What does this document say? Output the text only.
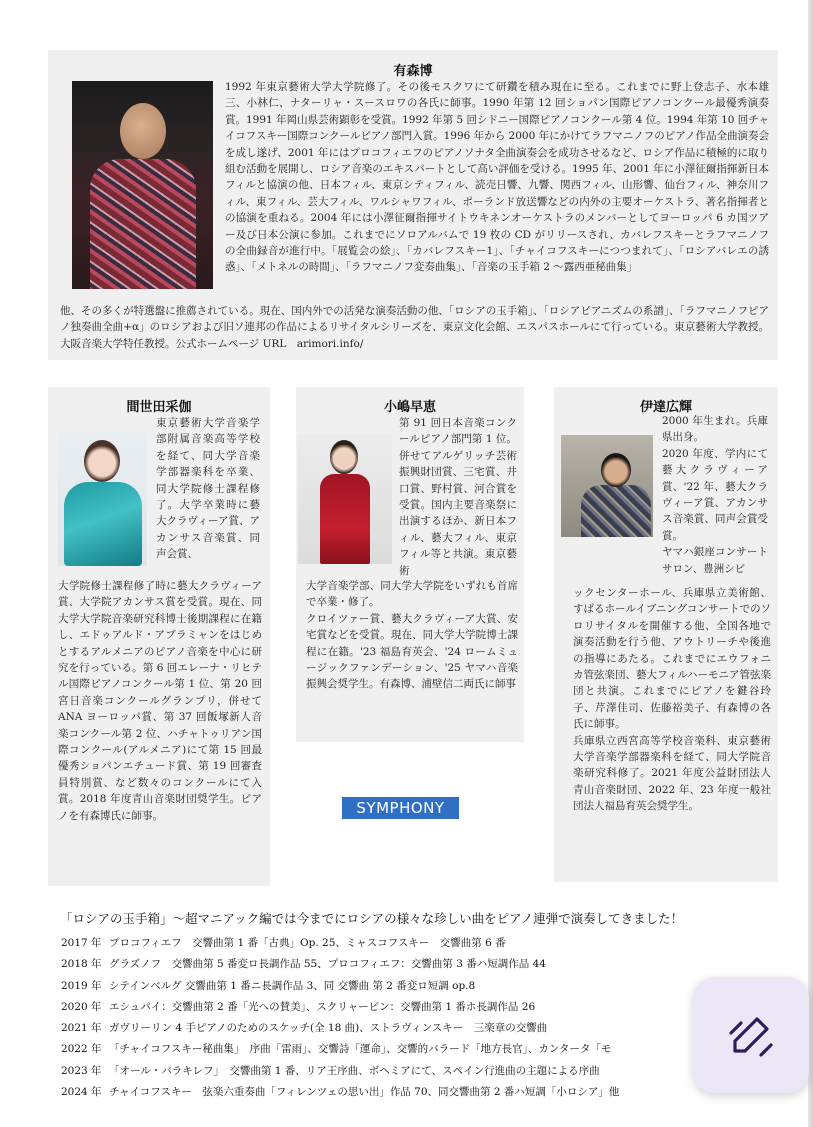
有森博
1992 年東京藝術大学大学院修了。その後モスクワにて研鑽を積み現在に至る。これまでに野上登志子、水本雄三、小林仁、ナターリャ・スースロワの各氏に師事。1990 年第 12 回ショパン国際ピアノコンクール最優秀演奏賞。1991 年岡山県芸術顕彰を受賞。1992 年第 5 回シドニー国際ピアノコンクール第 4 位。1994 年第 10 回チャイコフスキー国際コンクールピアノ部門入賞。1996 年から 2000 年にかけてラフマニノフのピアノ作品全曲演奏会を成し遂げ、2001 年にはプロコフィエフのピアノソナタ全曲演奏会を成功させるなど、ロシア作品に積極的に取り組む活動を展開し、ロシア音楽のエキスパートとして高い評価を受ける。1995 年、2001 年に小澤征爾指揮新日本フィルと協演の他、日本フィル、東京シティフィル、読売日響、九響、関西フィル、山形響、仙台フィル、神奈川フィル、東フィル、芸大フィル、ワルシャワフィル、ポーランド放送響などの内外の主要オーケストラ、著名指揮者との協演を重ねる。2004 年には小澤征爾指揮サイトウキネンオーケストラのメンバーとしてヨーロッパ 6 カ国ツアー及び日本公演に参加。これまでにソロアルバムで 19 枚の CD がリリースされ、カバレフスキーとラフマニノフの全曲録音が進行中。「展覧会の絵」、「カバレフスキー1」、「チャイコフスキーにつつまれて」、「ロシアバレエの誘惑」、「メトネルの時間」、「ラフマニノフ変奏曲集」、「音楽の玉手箱 2 〜露西亜秘曲集」
他、その多くが特選盤に推薦されている。現在、国内外での活発な演奏活動の他、「ロシアの玉手箱」、「ロシアピアニズムの系譜」、「ラフマニノフピアノ独奏曲全曲+α」のロシアおよび旧ソ連邦の作品によるリサイタルシリーズを、東京文化会館、エスパスホールにて行っている。東京藝術大学教授。大阪音楽大学特任教授。公式ホームページ URL　arimori.info/
間世田采伽
東京藝術大学音楽学部附属音楽高等学校を経て、同大学音楽学部器楽科を卒業、同大学院修士課程修了。大学卒業時に藝大クラヴィーア賞、アカンサス音楽賞、同声会賞、
大学院修士課程修了時に藝大クラヴィーア賞、大学院アカンサス賞を受賞。現在、同大学大学院音楽研究科博士後期課程に在籍し、エドゥアルド・アブラミャンをはじめとするアルメニアのピアノ音楽を中心に研究を行っている。第 6 回エレーナ・リヒテル国際ピアノコンクール第 1 位、第 20 回宮日音楽コンクールグランプリ，併せて ANA ヨーロッパ賞、第 37 回飯塚新人音楽コンクール第 2 位、ハチャトゥリアン国際コンクール(アルメニア)にて第 15 回最優秀ショパンエチュード賞、第 19 回審査員特別賞、など数々のコンクールにて入賞。2018 年度青山音楽財団奨学生。ピアノを有森博氏に師事。
小嶋早恵
第 91 回日本音楽コンクールピアノ部門第 1 位。併せてアルゲリッチ芸術振興財団賞、三宅賞、井口賞、野村賞、河合賞を受賞。国内主要音楽祭に出演するほか、新日本フィル、藝大フィル、東京フィル等と共演。東京藝術
大学音楽学部、同大学大学院をいずれも首席で卒業・修了。
クロイツァー賞、藝大クラヴィーア大賞、安宅賞などを受賞。現在、同大学大学院博士課程に在籍。'23 福島育英会、'24 ロームミュージックファンデーション、'25 ヤマハ音楽振興会奨学生。有森博、浦壁信二両氏に師事
伊達広輝
2000 年生まれ。兵庫県出身。
2020 年度、学内にて藝大クラヴィーア賞、'22 年、藝大クラヴィーア賞、アカンサス音楽賞、同声会賞受賞。
ヤマハ銀座コンサートサロン、豊洲シビ
ックセンターホール、兵庫県立美術館、すばるホールイブニングコンサートでのソロリサイタルを開催する他、全国各地で演奏活動を行う他、アウトリーチや後進の指導にあたる。これまでにエウフォニカ管弦楽団、藝大フィルハーモニア管弦楽団と共演。これまでにピアノを鍵谷玲子、芹澤佳司、佐藤裕美子、有森博の各氏に師事。
兵庫県立西宮高等学校音楽科、東京藝術大学音楽学部器楽科を経て、同大学院音楽研究科修了。2021 年度公益財団法人青山音楽財団、2022 年、23 年度一般社団法人福島育英会奨学生。
SYMPHONY
「ロシアの玉手箱」〜超マニアック編では今までにロシアの様々な珍しい曲をピアノ連弾で演奏してきました！
2017 年 プロコフィエフ　交響曲第 1 番「古典」Op. 25、ミャスコフスキー　交響曲第 6 番
2018 年 グラズノフ　交響曲第 5 番変ロ長調作品 55、プロコフィエフ：交響曲第 3 番ハ短調作品 44
2019 年 シテインベルグ 交響曲第 1 番ニ長調作品 3、同 交響曲 第 2 番変ロ短調 op.8
2020 年 エシュパイ：交響曲第 2 番「光への賛美」、スクリャービン：交響曲第 1 番ホ長調作品 26
2021 年 ガヴリーリン 4 手ピアノのためのスケッチ(全 18 曲)、ストラヴィンスキー　三楽章の交響曲
2022 年 「チャイコフスキー秘曲集」　序曲「雷雨」、交響詩「運命」、交響的バラード「地方長官」、カンタータ「モ
2023 年 「オール・バラキレフ」　交響曲第 1 番、リア王序曲、ボヘミアにて、スペイン行進曲の主題による序曲
2024 年 チャイコフスキー　弦楽六重奏曲「フィレンツェの思い出」作品 70、同交響曲第 2 番ハ短調「小ロシア」他
